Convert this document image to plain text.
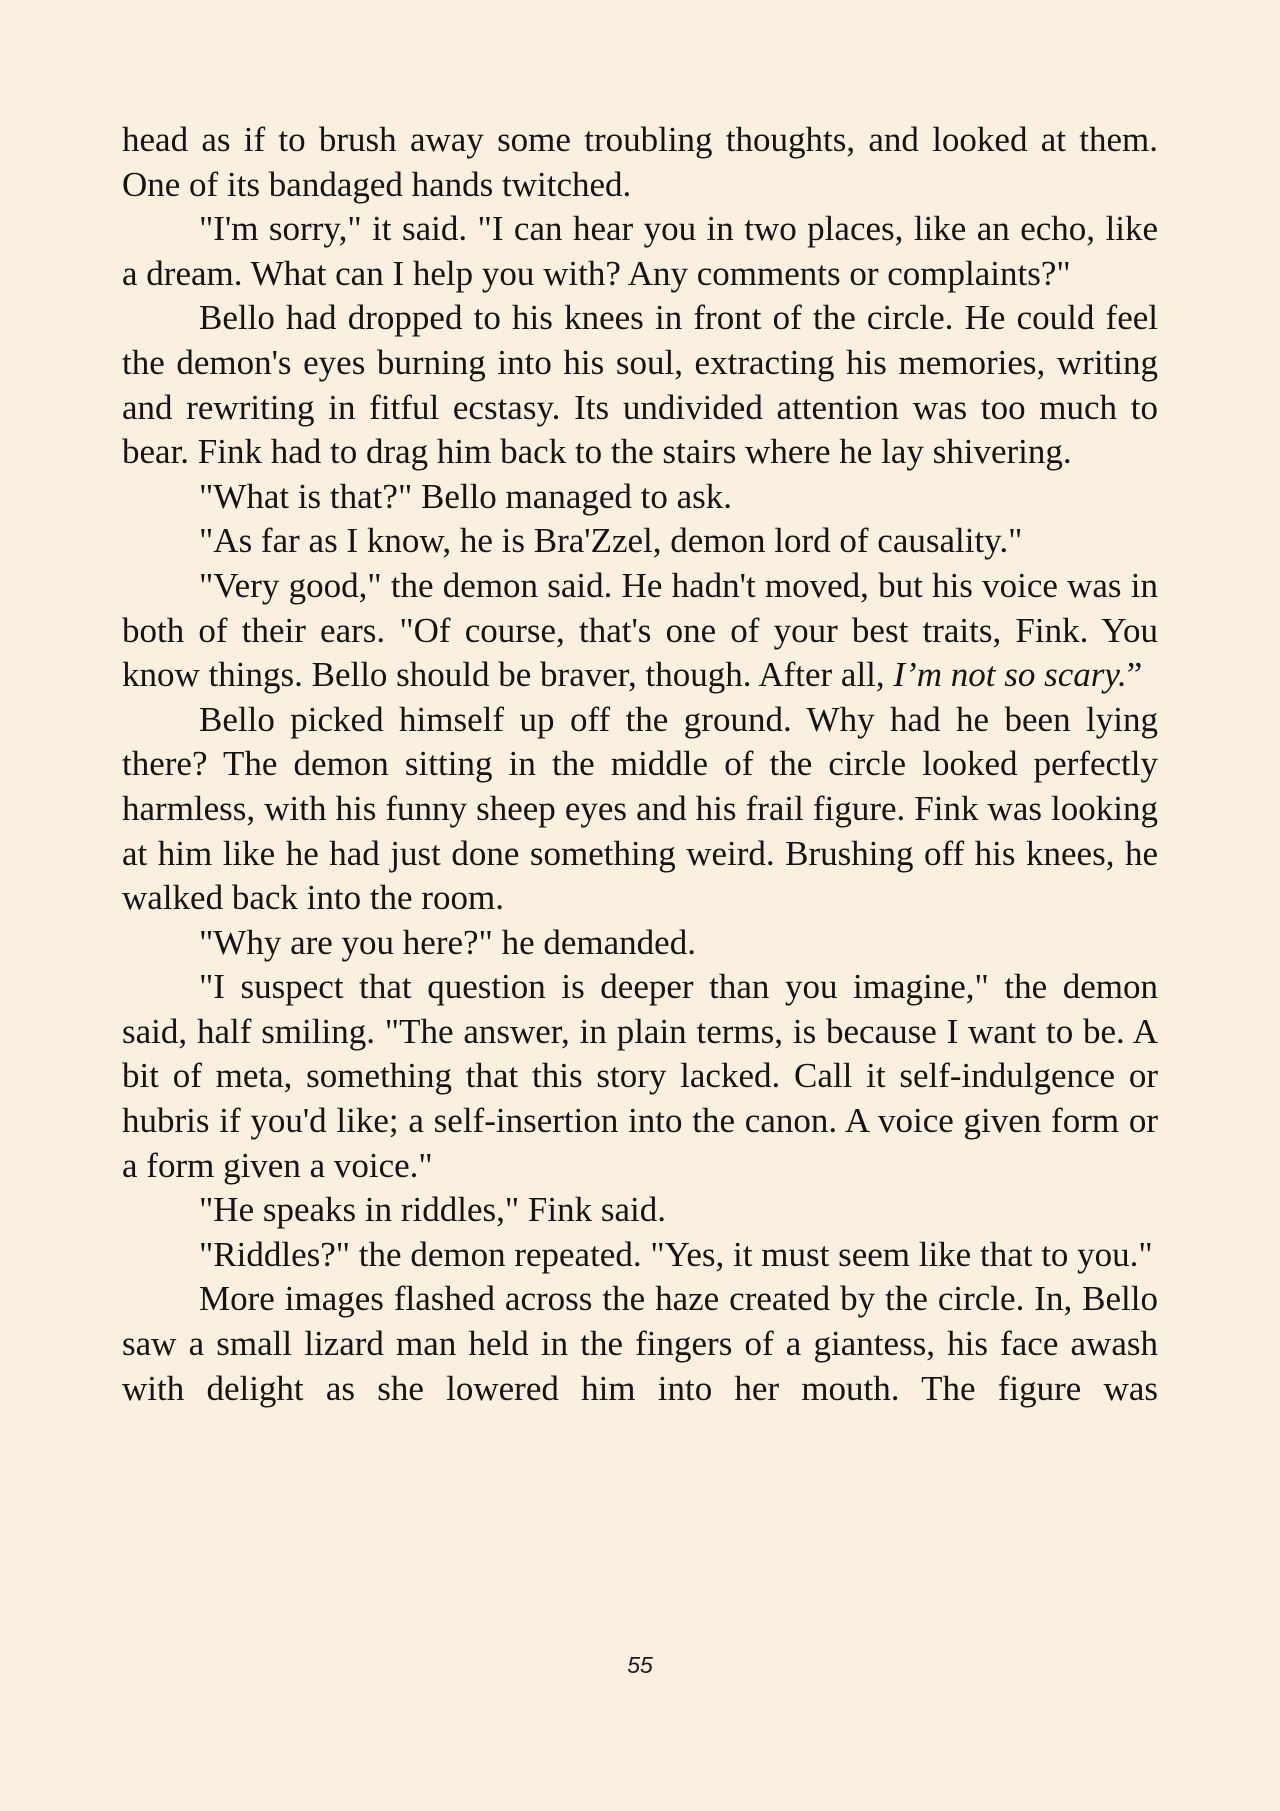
head as if to brush away some troubling thoughts, and looked at them. One of its bandaged hands twitched.

"I'm sorry," it said. "I can hear you in two places, like an echo, like a dream. What can I help you with? Any comments or complaints?"

Bello had dropped to his knees in front of the circle. He could feel the demon's eyes burning into his soul, extracting his memories, writing and rewriting in fitful ecstasy. Its undivided attention was too much to bear. Fink had to drag him back to the stairs where he lay shivering.

"What is that?" Bello managed to ask.

"As far as I know, he is Bra'Zzel, demon lord of causality."

"Very good," the demon said. He hadn't moved, but his voice was in both of their ears. "Of course, that's one of your best traits, Fink. You know things. Bello should be braver, though. After all, I’m not so scary.”

Bello picked himself up off the ground. Why had he been lying there? The demon sitting in the middle of the circle looked perfectly harmless, with his funny sheep eyes and his frail figure. Fink was looking at him like he had just done something weird. Brushing off his knees, he walked back into the room.

"Why are you here?" he demanded.

"I suspect that question is deeper than you imagine," the demon said, half smiling. "The answer, in plain terms, is because I want to be. A bit of meta, something that this story lacked. Call it self-indulgence or hubris if you'd like; a self-insertion into the canon. A voice given form or a form given a voice."

"He speaks in riddles," Fink said.

"Riddles?" the demon repeated. "Yes, it must seem like that to you."

More images flashed across the haze created by the circle. In, Bello saw a small lizard man held in the fingers of a giantess, his face awash with delight as she lowered him into her mouth. The figure was

55
